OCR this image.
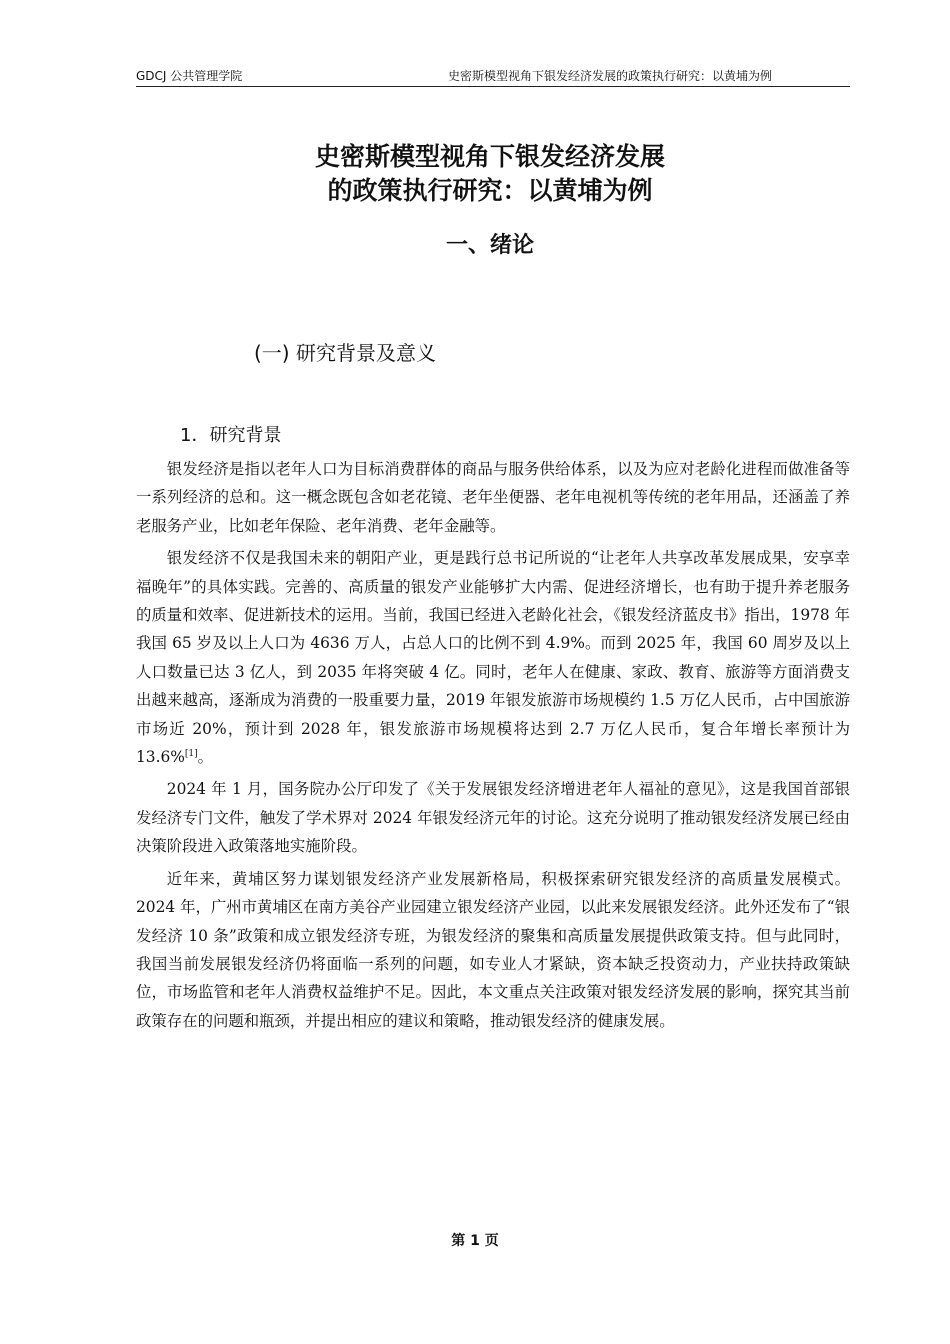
GDCJ 公共管理学院	史密斯模型视角下银发经济发展的政策执行研究：以黄埔为例
史密斯模型视角下银发经济发展
的政策执行研究：以黄埔为例
一、绪论
(一) 研究背景及意义
1．研究背景

银发经济是指以老年人口为目标消费群体的商品与服务供给体系，以及为应对老龄化进程而做准备等一系列经济的总和。这一概念既包含如老花镜、老年坐便器、老年电视机等传统的老年用品，还涵盖了养老服务产业，比如老年保险、老年消费、老年金融等。

银发经济不仅是我国未来的朝阳产业，更是践行总书记所说的“让老年人共享改革发展成果，安享幸福晚年”的具体实践。完善的、高质量的银发产业能够扩大内需、促进经济增长，也有助于提升养老服务的质量和效率、促进新技术的运用。当前，我国已经进入老龄化社会，《银发经济蓝皮书》指出，1978 年我国 65 岁及以上人口为 4636 万人，占总人口的比例不到 4.9%。而到 2025 年，我国 60 周岁及以上人口数量已达 3 亿人，到 2035 年将突破 4 亿。同时，老年人在健康、家政、教育、旅游等方面消费支出越来越高，逐渐成为消费的一股重要力量，2019 年银发旅游市场规模约 1.5 万亿人民币，占中国旅游市场近 20%，预计到 2028 年，银发旅游市场规模将达到 2.7 万亿人民币，复合年增长率预计为 13.6%[1]。

2024 年 1 月，国务院办公厅印发了《关于发展银发经济增进老年人福祉的意见》，这是我国首部银发经济专门文件，触发了学术界对 2024 年银发经济元年的讨论。这充分说明了推动银发经济发展已经由决策阶段进入政策落地实施阶段。

近年来，黄埔区努力谋划银发经济产业发展新格局，积极探索研究银发经济的高质量发展模式。2024 年，广州市黄埔区在南方美谷产业园建立银发经济产业园，以此来发展银发经济。此外还发布了“银发经济 10 条”政策和成立银发经济专班，为银发经济的聚集和高质量发展提供政策支持。但与此同时，我国当前发展银发经济仍将面临一系列的问题，如专业人才紧缺，资本缺乏投资动力，产业扶持政策缺位，市场监管和老年人消费权益维护不足。因此，本文重点关注政策对银发经济发展的影响，探究其当前政策存在的问题和瓶颈，并提出相应的建议和策略，推动银发经济的健康发展。

第 1 页
